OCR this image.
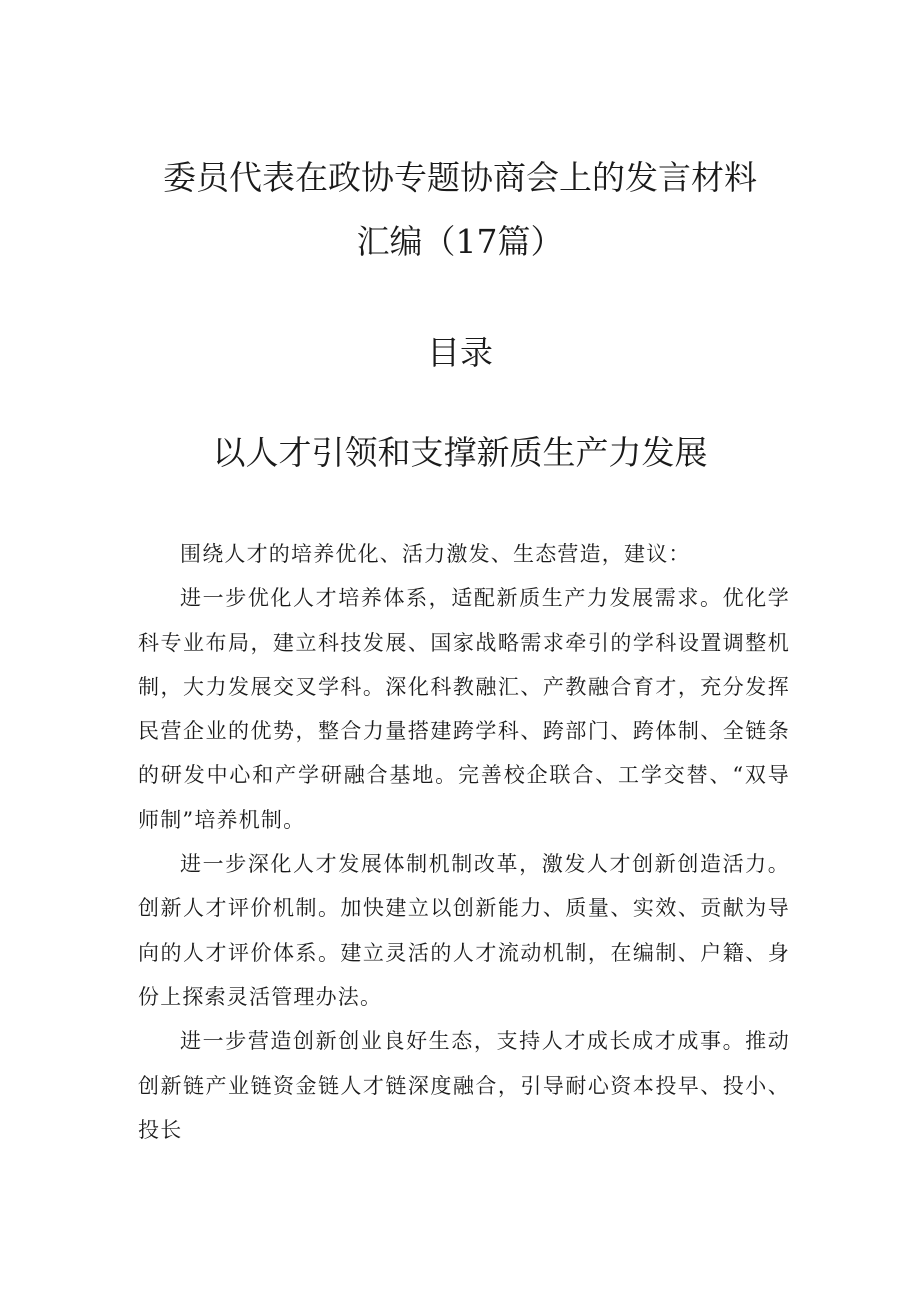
委员代表在政协专题协商会上的发言材料
汇编（17篇）
目录
以人才引领和支撑新质生产力发展

围绕人才的培养优化、活力激发、生态营造，建议：

进一步优化人才培养体系，适配新质生产力发展需求。优化学科专业布局，建立科技发展、国家战略需求牵引的学科设置调整机制，大力发展交叉学科。深化科教融汇、产教融合育才，充分发挥民营企业的优势，整合力量搭建跨学科、跨部门、跨体制、全链条的研发中心和产学研融合基地。完善校企联合、工学交替、“双导师制”培养机制。

进一步深化人才发展体制机制改革，激发人才创新创造活力。创新人才评价机制。加快建立以创新能力、质量、实效、贡献为导向的人才评价体系。建立灵活的人才流动机制，在编制、户籍、身份上探索灵活管理办法。

进一步营造创新创业良好生态，支持人才成长成才成事。推动创新链产业链资金链人才链深度融合，引导耐心资本投早、投小、投长
